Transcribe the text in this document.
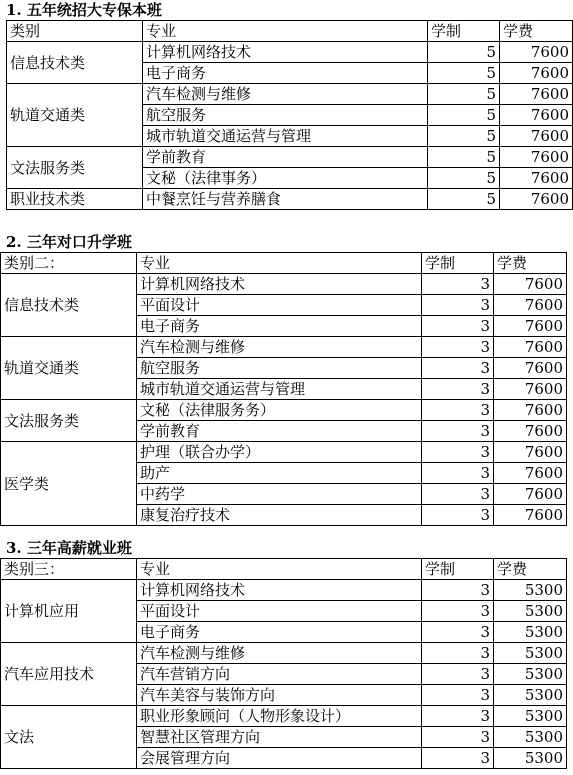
1. 五年统招大专保本班
类别	专业	学制	学费
信息技术类	计算机网络技术	5	7600
	电子商务	5	7600
轨道交通类	汽车检测与维修	5	7600
	航空服务	5	7600
	城市轨道交通运营与管理	5	7600
文法服务类	学前教育	5	7600
	文秘（法律事务）	5	7600
职业技术类	中餐烹饪与营养膳食	5	7600
2. 三年对口升学班
类别二：	专业	学制	学费
信息技术类	计算机网络技术	3	7600
	平面设计	3	7600
	电子商务	3	7600
轨道交通类	汽车检测与维修	3	7600
	航空服务	3	7600
	城市轨道交通运营与管理	3	7600
文法服务类	文秘（法律服务务）	3	7600
	学前教育	3	7600
医学类	护理（联合办学）	3	7600
	助产	3	7600
	中药学	3	7600
	康复治疗技术	3	7600
3. 三年高薪就业班
类别三：	专业	学制	学费
计算机应用	计算机网络技术	3	5300
	平面设计	3	5300
	电子商务	3	5300
汽车应用技术	汽车检测与维修	3	5300
	汽车营销方向	3	5300
	汽车美容与装饰方向	3	5300
文法	职业形象顾问（人物形象设计）	3	5300
	智慧社区管理方向	3	5300
	会展管理方向	3	5300
